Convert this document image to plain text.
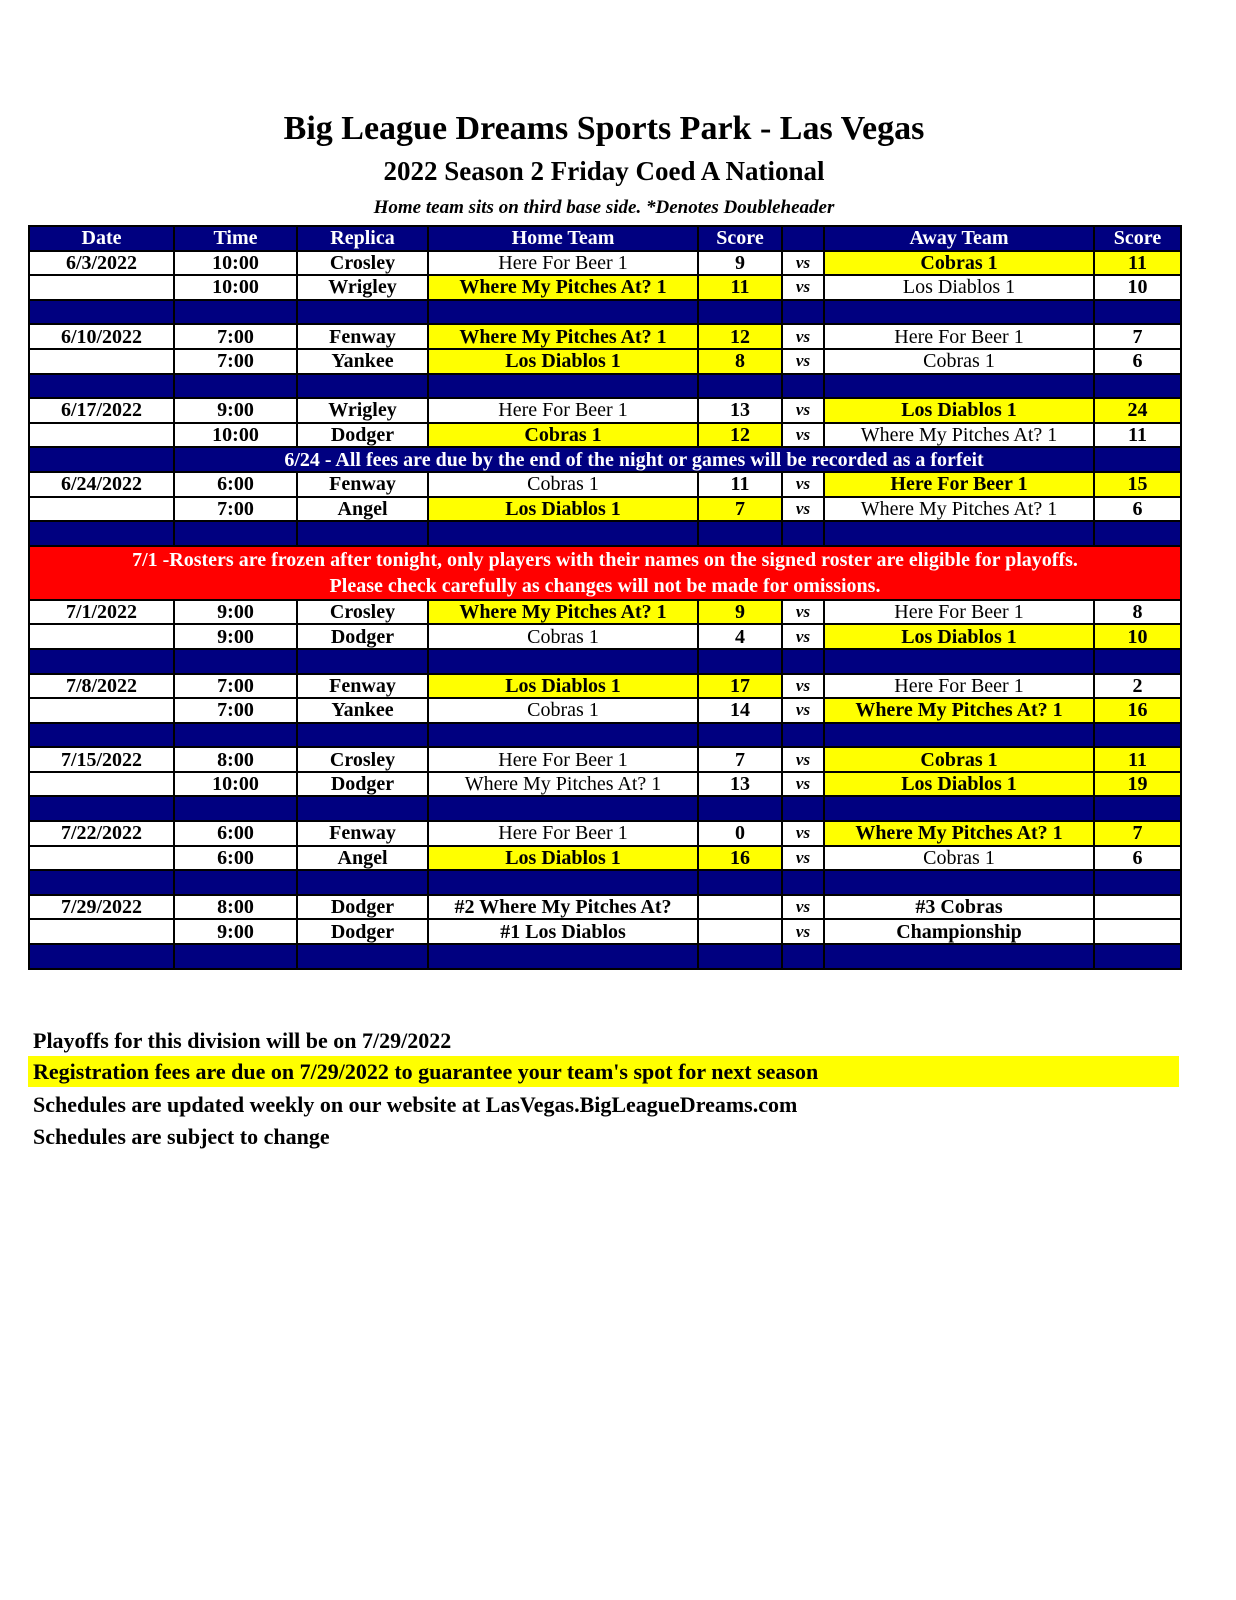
Big League Dreams Sports Park - Las Vegas
2022 Season 2 Friday Coed A National
Home team sits on third base side. *Denotes Doubleheader
Date	Time	Replica	Home Team	Score		Away Team	Score
6/3/2022	10:00	Crosley	Here For Beer 1	9	vs	Cobras 1	11
	10:00	Wrigley	Where My Pitches At? 1	11	vs	Los Diablos 1	10

6/10/2022	7:00	Fenway	Where My Pitches At? 1	12	vs	Here For Beer 1	7
	7:00	Yankee	Los Diablos 1	8	vs	Cobras 1	6

6/17/2022	9:00	Wrigley	Here For Beer 1	13	vs	Los Diablos 1	24
	10:00	Dodger	Cobras 1	12	vs	Where My Pitches At? 1	11
	6/24 - All fees are due by the end of the night or games will be recorded as a forfeit						
6/24/2022	6:00	Fenway	Cobras 1	11	vs	Here For Beer 1	15
	7:00	Angel	Los Diablos 1	7	vs	Where My Pitches At? 1	6

7/1 -Rosters are frozen after tonight, only players with their names on the signed roster are eligible for playoffs.
Please check carefully as changes will not be made for omissions.							

7/1/2022	9:00	Crosley	Where My Pitches At? 1	9	vs	Here For Beer 1	8
	9:00	Dodger	Cobras 1	4	vs	Los Diablos 1	10

7/8/2022	7:00	Fenway	Los Diablos 1	17	vs	Here For Beer 1	2
	7:00	Yankee	Cobras 1	14	vs	Where My Pitches At? 1	16

7/15/2022	8:00	Crosley	Here For Beer 1	7	vs	Cobras 1	11
	10:00	Dodger	Where My Pitches At? 1	13	vs	Los Diablos 1	19

7/22/2022	6:00	Fenway	Here For Beer 1	0	vs	Where My Pitches At? 1	7
	6:00	Angel	Los Diablos 1	16	vs	Cobras 1	6

7/29/2022	8:00	Dodger	#2 Where My Pitches At?		vs	#3 Cobras	
	9:00	Dodger	#1 Los Diablos		vs	Championship	

Playoffs for this division will be on 7/29/2022
Registration fees are due on 7/29/2022 to guarantee your team's spot for next season
Schedules are updated weekly on our website at LasVegas.BigLeagueDreams.com
Schedules are subject to change
